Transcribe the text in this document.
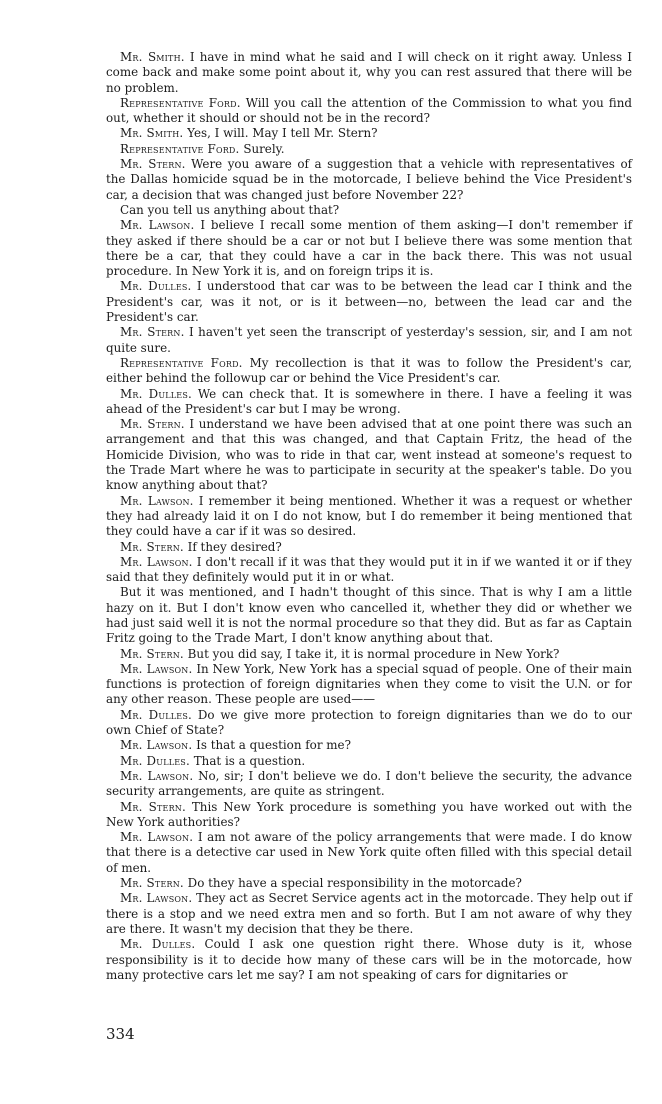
Mr. Smith. I have in mind what he said and I will check on it right away. Unless I come back and make some point about it, why you can rest assured that there will be no problem.

Representative Ford. Will you call the attention of the Commission to what you find out, whether it should or should not be in the record?

Mr. Smith. Yes, I will. May I tell Mr. Stern?

Representative Ford. Surely.

Mr. Stern. Were you aware of a suggestion that a vehicle with representatives of the Dallas homicide squad be in the motorcade, I believe behind the Vice President's car, a decision that was changed just before November 22?

Can you tell us anything about that?

Mr. Lawson. I believe I recall some mention of them asking—I don't remember if they asked if there should be a car or not but I believe there was some mention that there be a car, that they could have a car in the back there. This was not usual procedure. In New York it is, and on foreign trips it is.

Mr. Dulles. I understood that car was to be between the lead car I think and the President's car, was it not, or is it between—no, between the lead car and the President's car.

Mr. Stern. I haven't yet seen the transcript of yesterday's session, sir, and I am not quite sure.

Representative Ford. My recollection is that it was to follow the President's car, either behind the followup car or behind the Vice President's car.

Mr. Dulles. We can check that. It is somewhere in there. I have a feeling it was ahead of the President's car but I may be wrong.

Mr. Stern. I understand we have been advised that at one point there was such an arrangement and that this was changed, and that Captain Fritz, the head of the Homicide Division, who was to ride in that car, went instead at someone's request to the Trade Mart where he was to participate in security at the speaker's table. Do you know anything about that?

Mr. Lawson. I remember it being mentioned. Whether it was a request or whether they had already laid it on I do not know, but I do remember it being mentioned that they could have a car if it was so desired.

Mr. Stern. If they desired?

Mr. Lawson. I don't recall if it was that they would put it in if we wanted it or if they said that they definitely would put it in or what.

But it was mentioned, and I hadn't thought of this since. That is why I am a little hazy on it. But I don't know even who cancelled it, whether they did or whether we had just said well it is not the normal procedure so that they did. But as far as Captain Fritz going to the Trade Mart, I don't know anything about that.

Mr. Stern. But you did say, I take it, it is normal procedure in New York?

Mr. Lawson. In New York, New York has a special squad of people. One of their main functions is protection of foreign dignitaries when they come to visit the U.N. or for any other reason. These people are used——

Mr. Dulles. Do we give more protection to foreign dignitaries than we do to our own Chief of State?

Mr. Lawson. Is that a question for me?

Mr. Dulles. That is a question.

Mr. Lawson. No, sir; I don't believe we do. I don't believe the security, the advance security arrangements, are quite as stringent.

Mr. Stern. This New York procedure is something you have worked out with the New York authorities?

Mr. Lawson. I am not aware of the policy arrangements that were made. I do know that there is a detective car used in New York quite often filled with this special detail of men.

Mr. Stern. Do they have a special responsibility in the motorcade?

Mr. Lawson. They act as Secret Service agents act in the motorcade. They help out if there is a stop and we need extra men and so forth. But I am not aware of why they are there. It wasn't my decision that they be there.

Mr. Dulles. Could I ask one question right there. Whose duty is it, whose responsibility is it to decide how many of these cars will be in the motorcade, how many protective cars let me say? I am not speaking of cars for dignitaries or

334
